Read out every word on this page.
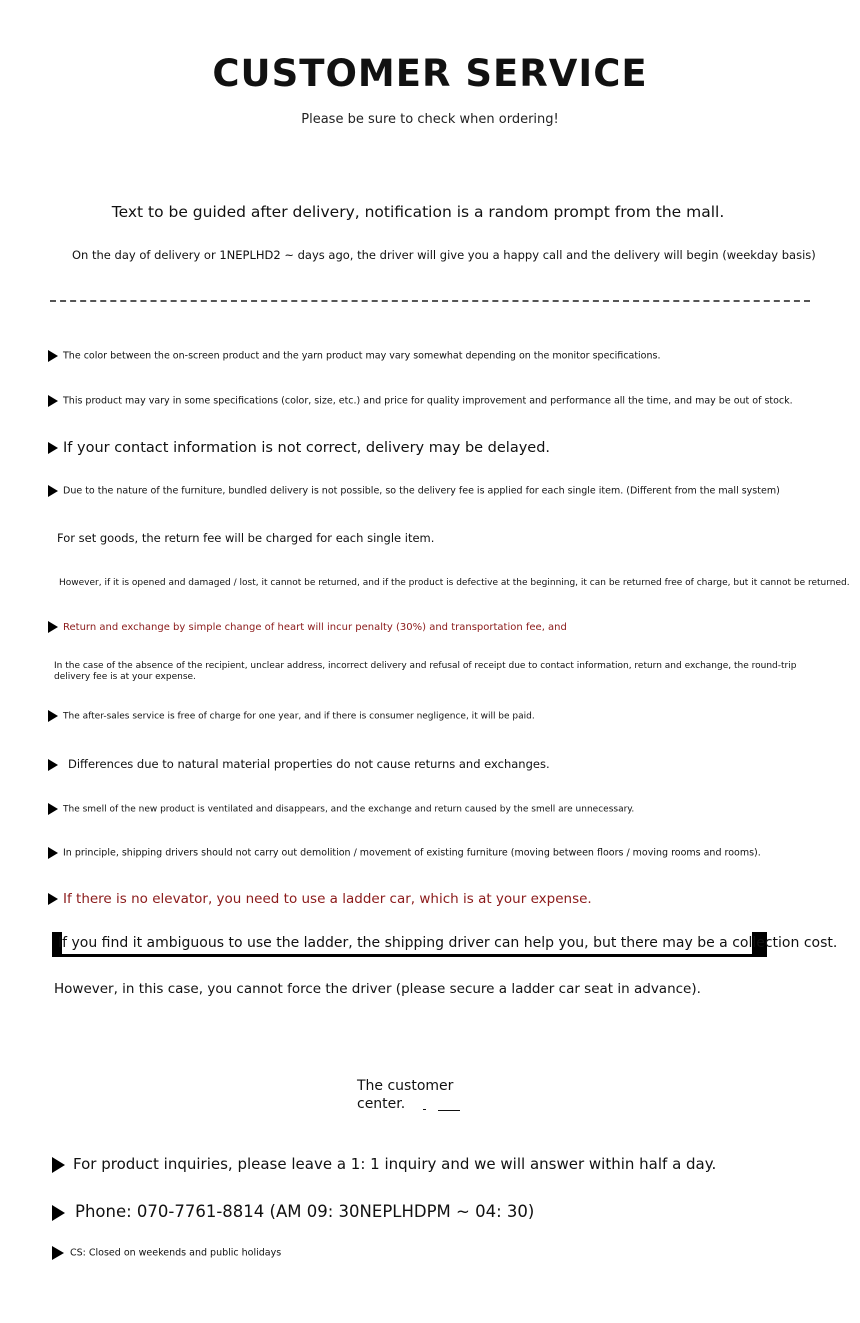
CUSTOMER SERVICE
Please be sure to check when ordering!
Text to be guided after delivery, notification is a random prompt from the mall.
On the day of delivery or 1NEPLHD2 ~ days ago, the driver will give you a happy call and the delivery will begin (weekday basis)
The color between the on-screen product and the yarn product may vary somewhat depending on the monitor specifications.
This product may vary in some specifications (color, size, etc.) and price for quality improvement and performance all the time, and may be out of stock.
If your contact information is not correct, delivery may be delayed.
Due to the nature of the furniture, bundled delivery is not possible, so the delivery fee is applied for each single item. (Different from the mall system)
For set goods, the return fee will be charged for each single item.
However, if it is opened and damaged / lost, it cannot be returned, and if the product is defective at the beginning, it can be returned free of charge, but it cannot be returned.
Return and exchange by simple change of heart will incur penalty (30%) and transportation fee, and
In the case of the absence of the recipient, unclear address, incorrect delivery and refusal of receipt due to contact information, return and exchange, the round-trip delivery fee is at your expense.
The after-sales service is free of charge for one year, and if there is consumer negligence, it will be paid.
Differences due to natural material properties do not cause returns and exchanges.
The smell of the new product is ventilated and disappears, and the exchange and return caused by the smell are unnecessary.
In principle, shipping drivers should not carry out demolition / movement of existing furniture (moving between floors / moving rooms and rooms).
If there is no elevator, you need to use a ladder car, which is at your expense.
If you find it ambiguous to use the ladder, the shipping driver can help you, but there may be a collection cost.
However, in this case, you cannot force the driver (please secure a ladder car seat in advance).
The customer center.
For product inquiries, please leave a 1: 1 inquiry and we will answer within half a day.
Phone: 070-7761-8814 (AM 09: 30NEPLHDPM ~ 04: 30)
CS: Closed on weekends and public holidays
